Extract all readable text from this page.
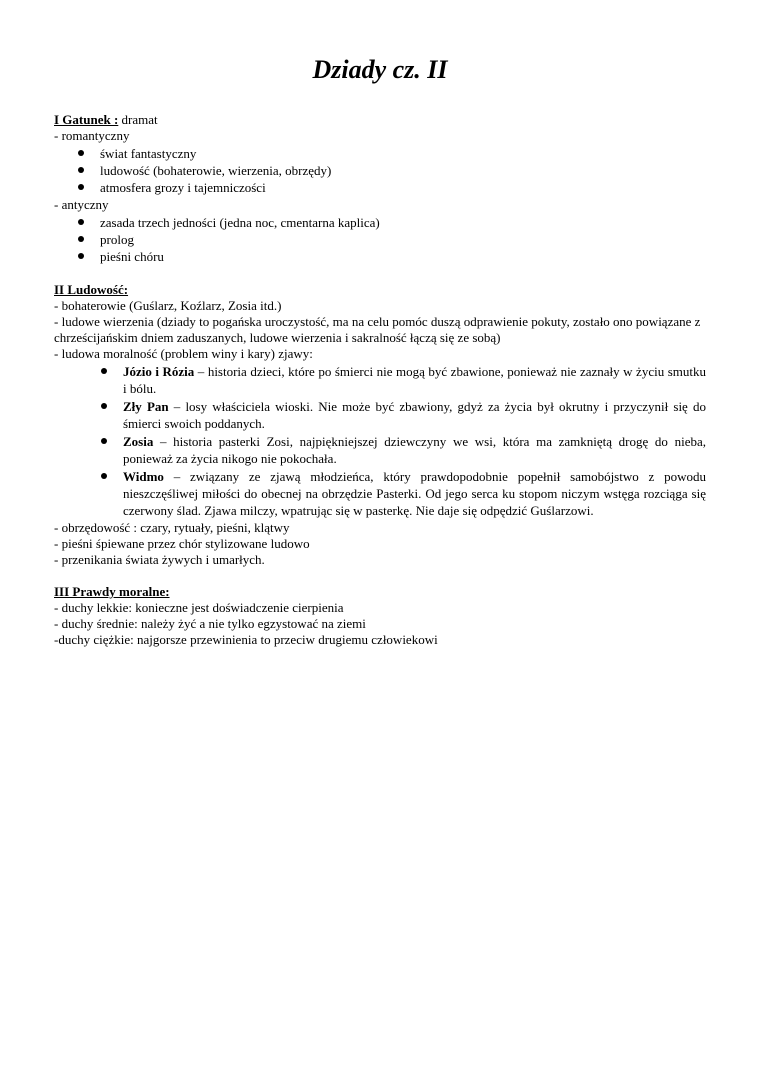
Dziady cz. II

I Gatunek : dramat

- romantyczny

świat fantastyczny
ludowość (bohaterowie, wierzenia, obrzędy)
atmosfera grozy i tajemniczości

- antyczny

zasada trzech jedności (jedna noc, cmentarna kaplica)
prolog
pieśni chóru

II Ludowość:

- bohaterowie (Guślarz, Koźlarz, Zosia itd.)

- ludowe wierzenia (dziady to pogańska uroczystość, ma na celu pomóc duszą odprawienie pokuty, zostało ono powiązane z

chrześcijańskim dniem zaduszanych, ludowe wierzenia i sakralność łączą się ze sobą)

- ludowa moralność (problem winy i kary) zjawy:

Józio i Rózia – historia dzieci, które po śmierci nie mogą być zbawione, ponieważ nie zaznały w życiu smutku i bólu.
Zły Pan – losy właściciela wioski. Nie może być zbawiony, gdyż za życia był okrutny i przyczynił się do śmierci swoich poddanych.
Zosia – historia pasterki Zosi, najpiękniejszej dziewczyny we wsi, która ma zamkniętą drogę do nieba, ponieważ za życia nikogo nie pokochała.
Widmo – związany ze zjawą młodzieńca, który prawdopodobnie popełnił samobójstwo z powodu nieszczęśliwej miłości do obecnej na obrzędzie Pasterki. Od jego serca ku stopom niczym wstęga rozciąga się czerwony ślad. Zjawa milczy, wpatrując się w pasterkę. Nie daje się odpędzić Guślarzowi.

- obrzędowość : czary, rytuały, pieśni, klątwy

- pieśni śpiewane przez chór stylizowane ludowo

- przenikania świata żywych i umarłych.

III Prawdy moralne:

- duchy lekkie: konieczne jest doświadczenie cierpienia

- duchy średnie: należy żyć a nie tylko egzystować na ziemi

-duchy ciężkie: najgorsze przewinienia to przeciw drugiemu człowiekowi
